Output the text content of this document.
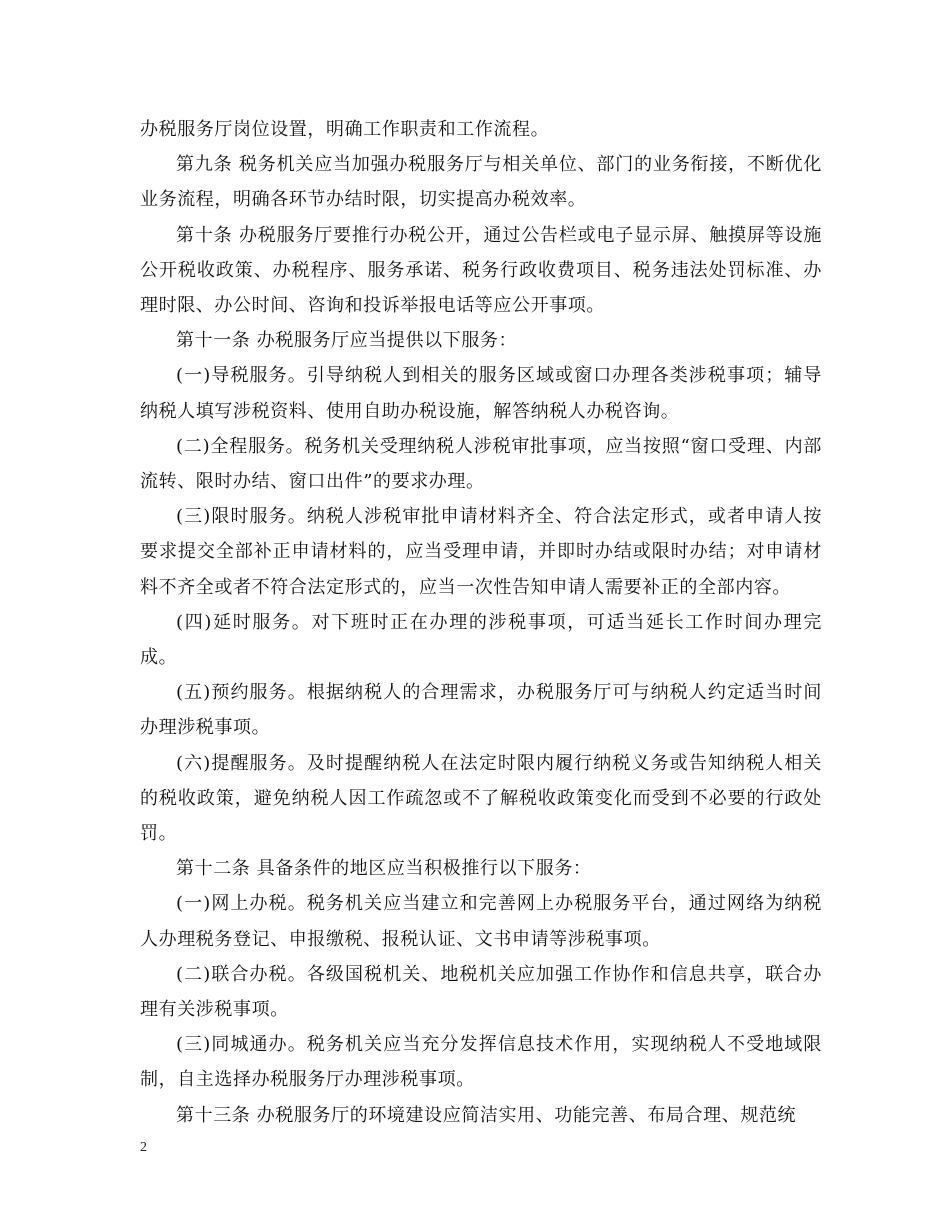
办税服务厅岗位设置，明确工作职责和工作流程。

第九条 税务机关应当加强办税服务厅与相关单位、部门的业务衔接，不断优化业务流程，明确各环节办结时限，切实提高办税效率。

第十条 办税服务厅要推行办税公开，通过公告栏或电子显示屏、触摸屏等设施公开税收政策、办税程序、服务承诺、税务行政收费项目、税务违法处罚标准、办理时限、办公时间、咨询和投诉举报电话等应公开事项。

第十一条 办税服务厅应当提供以下服务：

(一)导税服务。引导纳税人到相关的服务区域或窗口办理各类涉税事项；辅导纳税人填写涉税资料、使用自助办税设施，解答纳税人办税咨询。

(二)全程服务。税务机关受理纳税人涉税审批事项，应当按照“窗口受理、内部流转、限时办结、窗口出件”的要求办理。

(三)限时服务。纳税人涉税审批申请材料齐全、符合法定形式，或者申请人按要求提交全部补正申请材料的，应当受理申请，并即时办结或限时办结；对申请材料不齐全或者不符合法定形式的，应当一次性告知申请人需要补正的全部内容。

(四)延时服务。对下班时正在办理的涉税事项，可适当延长工作时间办理完成。

(五)预约服务。根据纳税人的合理需求，办税服务厅可与纳税人约定适当时间办理涉税事项。

(六)提醒服务。及时提醒纳税人在法定时限内履行纳税义务或告知纳税人相关的税收政策，避免纳税人因工作疏忽或不了解税收政策变化而受到不必要的行政处罚。

第十二条 具备条件的地区应当积极推行以下服务：

(一)网上办税。税务机关应当建立和完善网上办税服务平台，通过网络为纳税人办理税务登记、申报缴税、报税认证、文书申请等涉税事项。

(二)联合办税。各级国税机关、地税机关应加强工作协作和信息共享，联合办理有关涉税事项。

(三)同城通办。税务机关应当充分发挥信息技术作用，实现纳税人不受地域限制，自主选择办税服务厅办理涉税事项。

第十三条 办税服务厅的环境建设应简洁实用、功能完善、布局合理、规范统

2
